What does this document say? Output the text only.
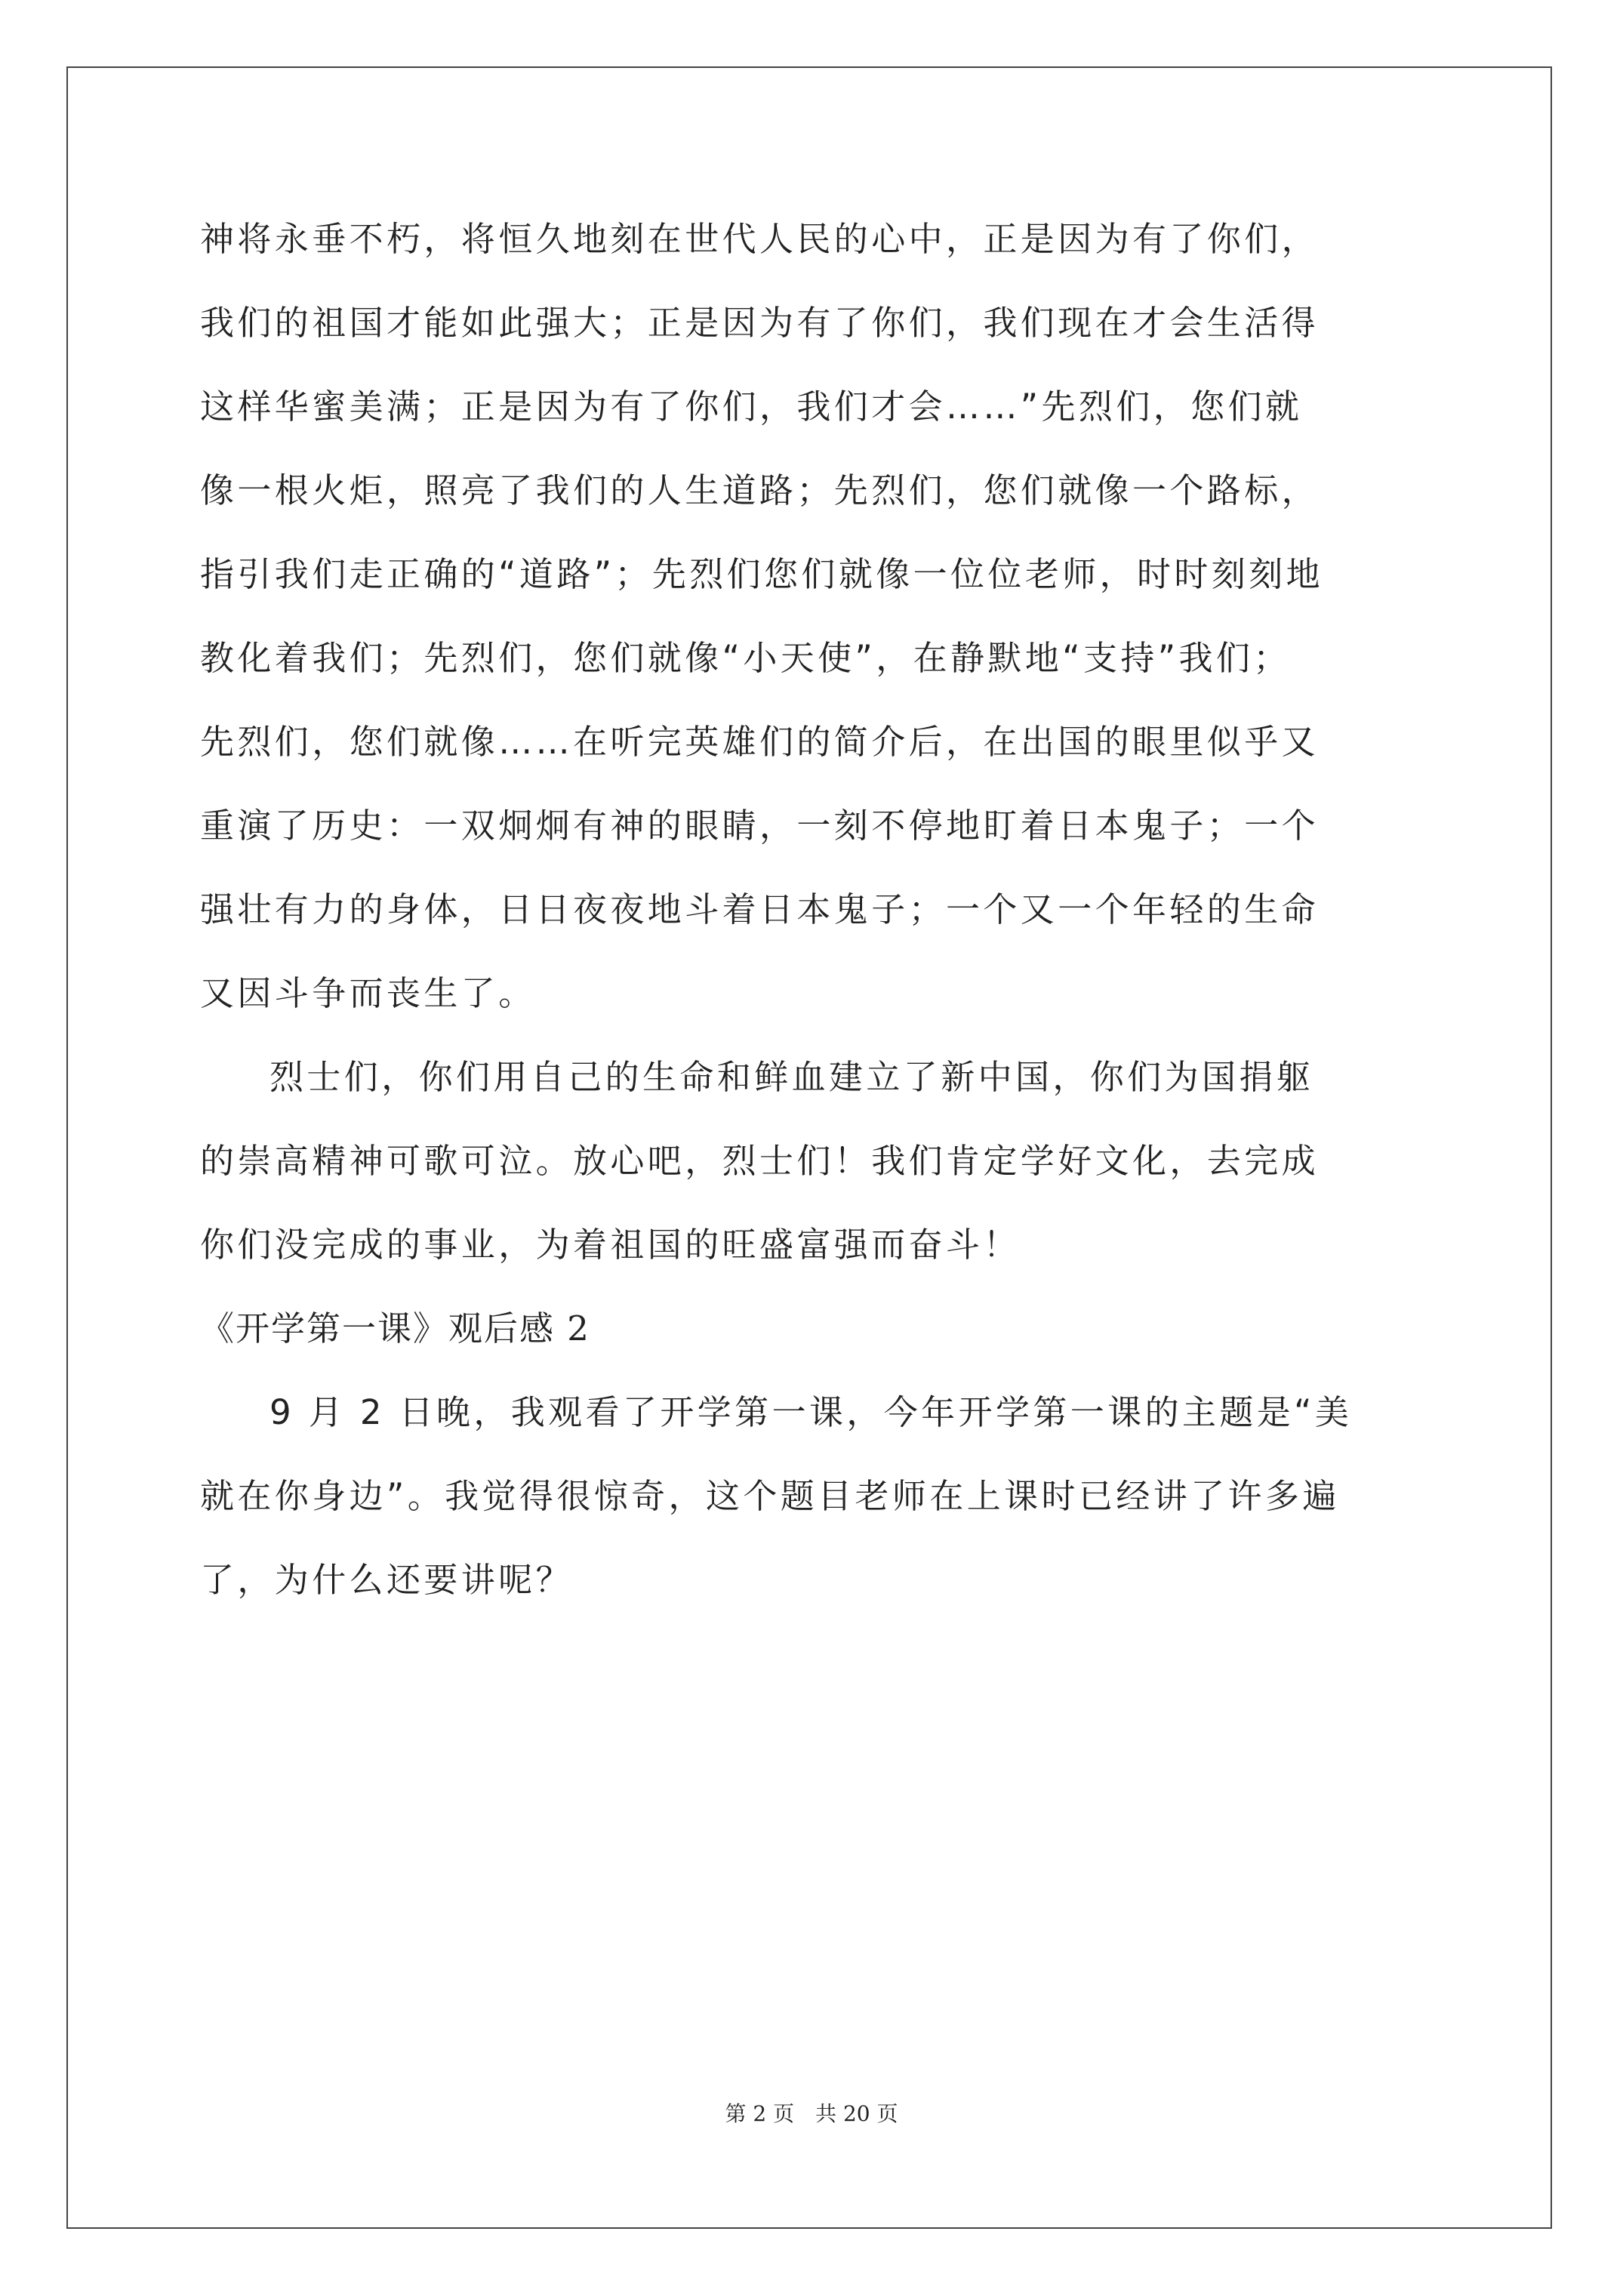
神将永垂不朽，将恒久地刻在世代人民的心中，正是因为有了你们，
我们的祖国才能如此强大；正是因为有了你们，我们现在才会生活得
这样华蜜美满；正是因为有了你们，我们才会……”先烈们，您们就
像一根火炬，照亮了我们的人生道路；先烈们，您们就像一个路标，
指引我们走正确的“道路”；先烈们您们就像一位位老师，时时刻刻地
教化着我们；先烈们，您们就像“小天使”，在静默地“支持”我们；
先烈们，您们就像……在听完英雄们的简介后，在出国的眼里似乎又
重演了历史：一双炯炯有神的眼睛，一刻不停地盯着日本鬼子；一个
强壮有力的身体，日日夜夜地斗着日本鬼子；一个又一个年轻的生命
又因斗争而丧生了。
烈士们，你们用自己的生命和鲜血建立了新中国，你们为国捐躯
的崇高精神可歌可泣。放心吧，烈士们！我们肯定学好文化，去完成
你们没完成的事业，为着祖国的旺盛富强而奋斗！
《开学第一课》观后感 2
9 月 2 日晚，我观看了开学第一课，今年开学第一课的主题是“美
就在你身边”。我觉得很惊奇，这个题目老师在上课时已经讲了许多遍
了，为什么还要讲呢？
第 2 页　共 20 页
